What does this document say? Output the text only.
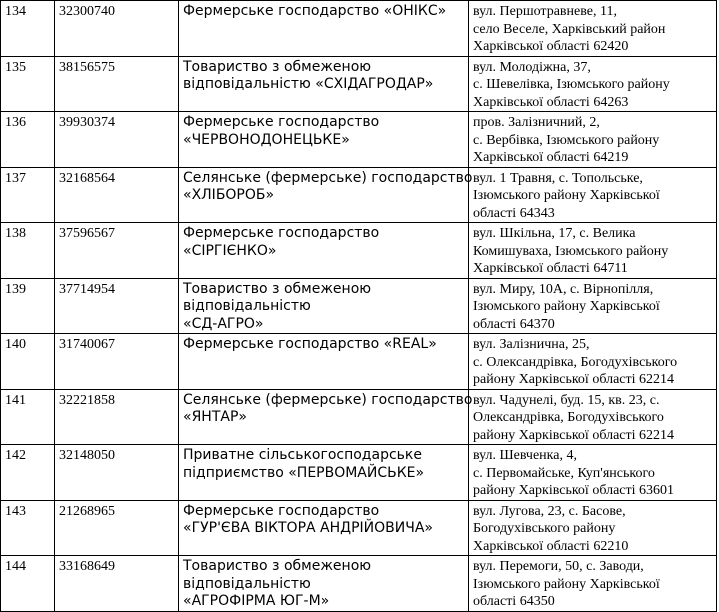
134	32300740	Фермерське господарство «ОНІКС»	вул. Першотравневе, 11,
село Веселе, Харківський район
Харківської області 62420

135	38156575	Товариство з обмеженою
відповідальністю «СХІДАГРОДАР»	вул. Молодіжна, 37,
с. Шевелівка, Ізюмського району
Харківської області 64263

136	39930374	Фермерське господарство
«ЧЕРВОНОДОНЕЦЬКЕ»	пров. Залізничний, 2,
с. Вербівка, Ізюмського району
Харківської області 64219

137	32168564	Селянське (фермерське) господарство
«ХЛІБОРОБ»	вул. 1 Травня, с. Топольське,
Ізюмського району Харківської
області 64343

138	37596567	Фермерське господарство
«СІРГІЄНКО»	вул. Шкільна, 17, с. Велика
Комишуваха, Ізюмського району
Харківської області 64711

139	37714954	Товариство з обмеженою
відповідальністю
«СД-АГРО»	вул. Миру, 10А, с. Вірнопілля,
Ізюмського району Харківської
області 64370

140	31740067	Фермерське господарство «REAL»	вул. Залізнична, 25,
с. Олександрівка, Богодухівського
району Харківської області 62214

141	32221858	Селянське (фермерське) господарство
«ЯНТАР»	вул. Чадунелі, буд. 15, кв. 23, с.
Олександрівка, Богодухівського
району Харківської області 62214

142	32148050	Приватне сільськогосподарське
підприємство «ПЕРВОМАЙСЬКЕ»	вул. Шевченка, 4,
с. Первомайське, Куп'янського
району Харківської області 63601

143	21268965	Фермерське господарство
«ГУР'ЄВА ВІКТОРА АНДРІЙОВИЧА»	вул. Лугова, 23, с. Басове,
Богодухівського району
Харківської області 62210

144	33168649	Товариство з обмеженою
відповідальністю
«АГРОФІРМА ЮГ-М»	вул. Перемоги, 50, с. Заводи,
Ізюмського району Харківської
області 64350
